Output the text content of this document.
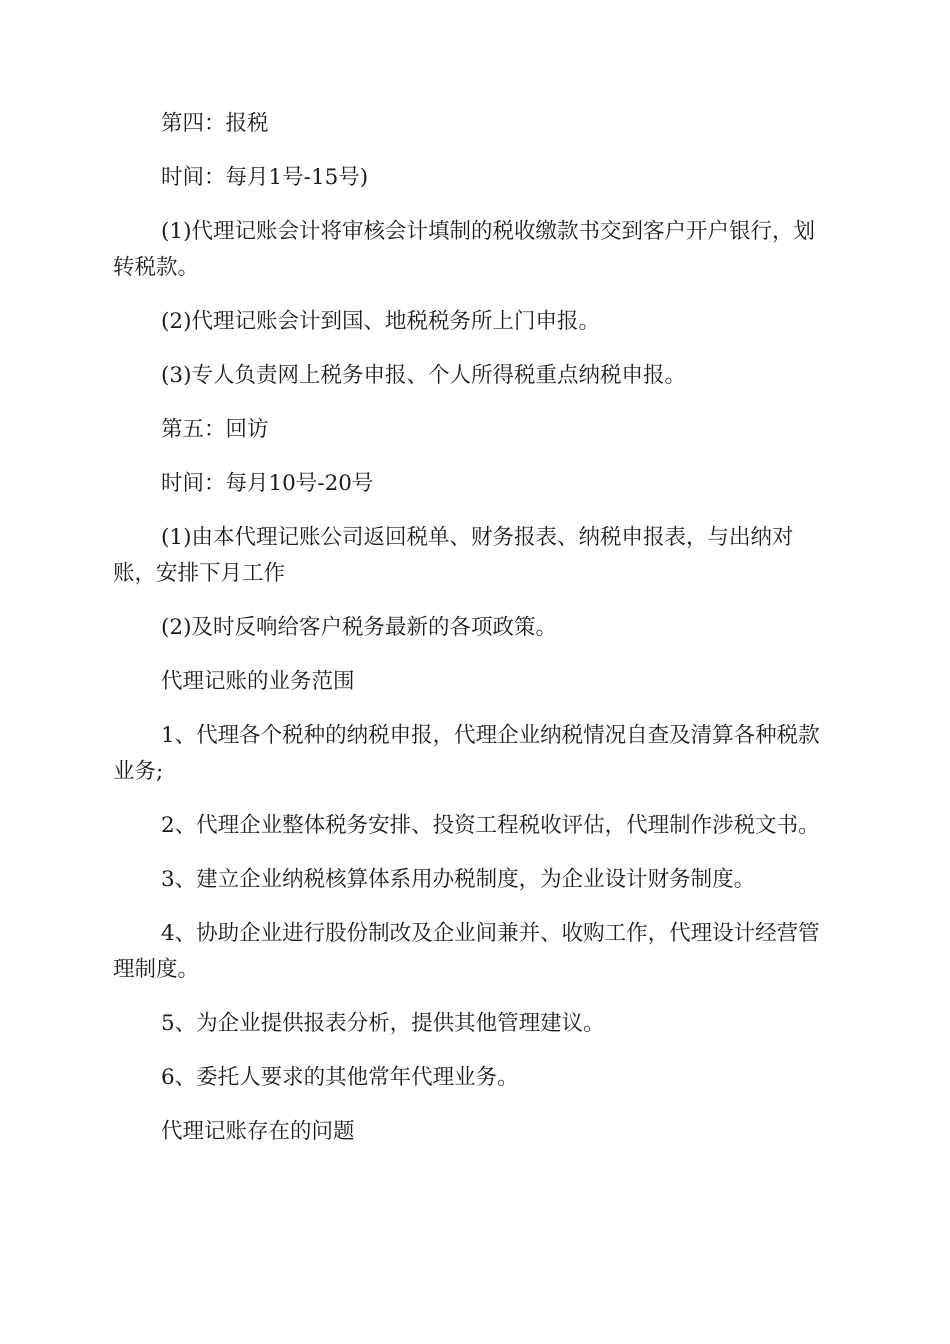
第四：报税

时间：每月1号-15号)

(1)代理记账会计将审核会计填制的税收缴款书交到客户开户银行，划转税款。

(2)代理记账会计到国、地税税务所上门申报。

(3)专人负责网上税务申报、个人所得税重点纳税申报。

第五：回访

时间：每月10号-20号

(1)由本代理记账公司返回税单、财务报表、纳税申报表，与出纳对账，安排下月工作

(2)及时反响给客户税务最新的各项政策。

代理记账的业务范围

1、代理各个税种的纳税申报，代理企业纳税情况自查及清算各种税款业务;

2、代理企业整体税务安排、投资工程税收评估，代理制作涉税文书。

3、建立企业纳税核算体系用办税制度，为企业设计财务制度。

4、协助企业进行股份制改及企业间兼并、收购工作，代理设计经营管理制度。

5、为企业提供报表分析，提供其他管理建议。

6、委托人要求的其他常年代理业务。

代理记账存在的问题
